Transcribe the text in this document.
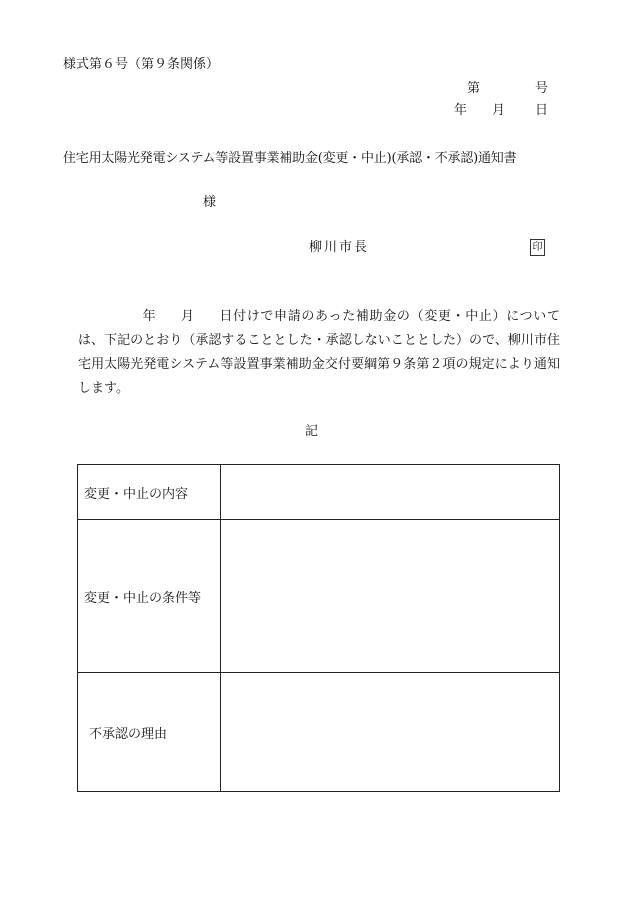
様式第６号（第９条関係）
第	号
年 月 日
住宅用太陽光発電システム等設置事業補助金(変更・中止)(承認・不承認)通知書
様
柳川市長	印
年 月 日付けで申請のあった補助金の（変更・中止）については、下記のとおり（承認することとした・承認しないこととした）ので、柳川市住宅用太陽光発電システム等設置事業補助金交付要綱第９条第２項の規定により通知します。
記
変更・中止の内容	
変更・中止の条件等	
不承認の理由	
